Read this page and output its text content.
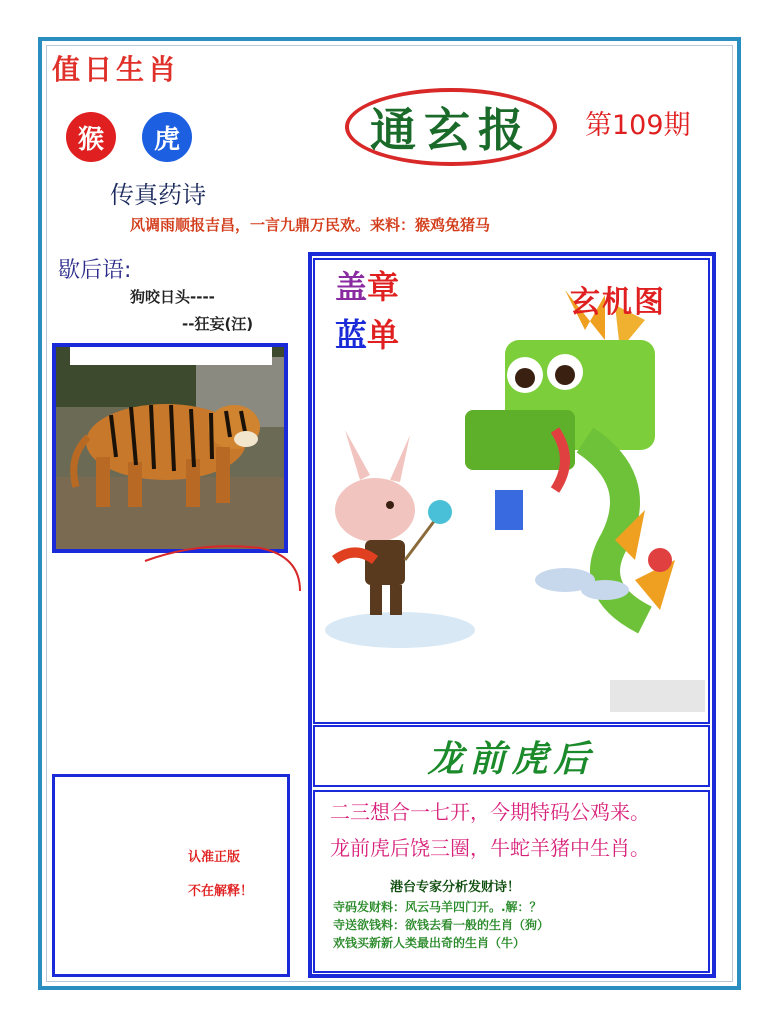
值日生肖
猴	虎
传真药诗
通玄报 第109期
风调雨顺报吉昌，一言九鼎万民欢。来料：猴鸡兔猪马
歇后语:
狗咬日头----
--狂妄(汪)
盖章
蓝单
玄机图
龙前虎后
二三想合一七开，今期特码公鸡来。
龙前虎后饶三圈，牛蛇羊猪中生肖。
港台专家分析发财诗！
寺码发财料：风云马羊四门开。.解：？
寺送欲钱料：欲钱去看一般的生肖（狗）
欢钱买新新人类最出奇的生肖（牛）
认准正版
不在解释！
